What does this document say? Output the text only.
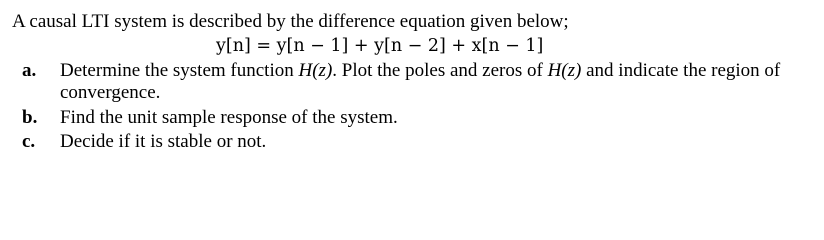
A causal LTI system is described by the difference equation given below;
y[n] = y[n − 1] + y[n − 2] + x[n − 1]
a. Determine the system function H(z). Plot the poles and zeros of H(z) and indicate the region of
convergence.
b. Find the unit sample response of the system.
c. Decide if it is stable or not.
